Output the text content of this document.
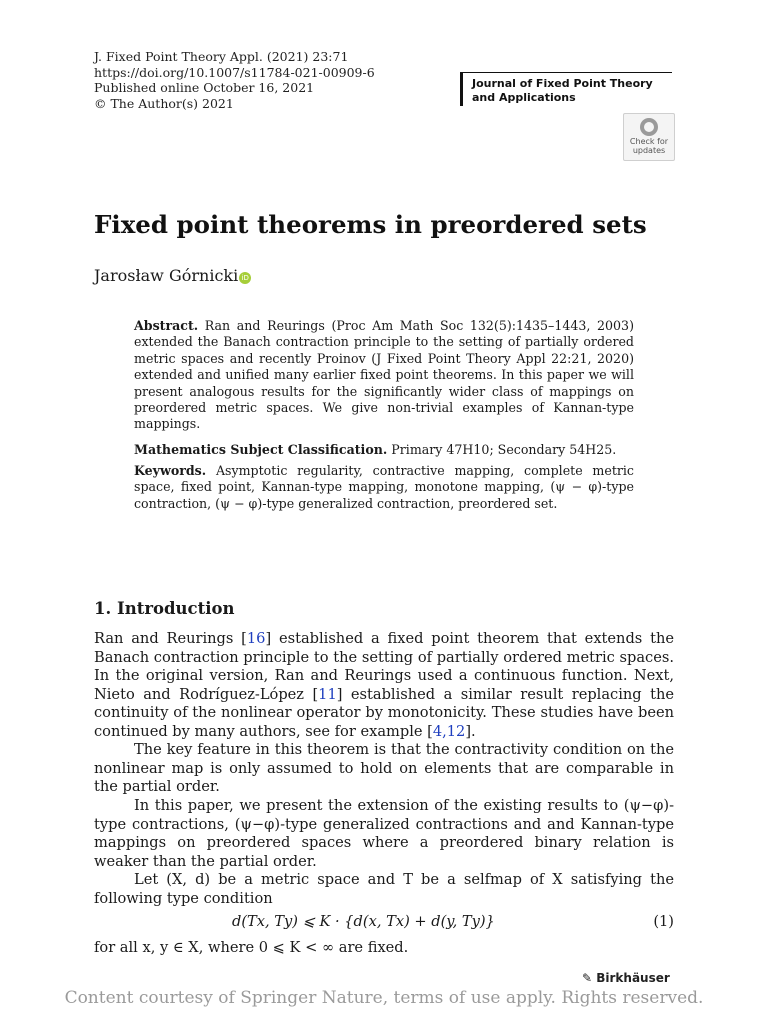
J. Fixed Point Theory Appl. (2021) 23:71
https://doi.org/10.1007/s11784-021-00909-6
Published online October 16, 2021
© The Author(s) 2021
Journal of Fixed Point Theory
and Applications
Check for
updates
Fixed point theorems in preordered sets
Jarosław Górnicki iD
Abstract. Ran and Reurings (Proc Am Math Soc 132(5):1435–1443, 2003) extended the Banach contraction principle to the setting of partially ordered metric spaces and recently Proinov (J Fixed Point Theory Appl 22:21, 2020) extended and unified many earlier fixed point theorems. In this paper we will present analogous results for the significantly wider class of mappings on preordered metric spaces. We give non-trivial examples of Kannan-type mappings.
Mathematics Subject Classification. Primary 47H10; Secondary 54H25.
Keywords. Asymptotic regularity, contractive mapping, complete metric space, fixed point, Kannan-type mapping, monotone mapping, (ψ − φ)-type contraction, (ψ − φ)-type generalized contraction, preordered set.
1. Introduction

Ran and Reurings [16] established a fixed point theorem that extends the Banach contraction principle to the setting of partially ordered metric spaces. In the original version, Ran and Reurings used a continuous function. Next, Nieto and Rodríguez-López [11] established a similar result replacing the continuity of the nonlinear operator by monotonicity. These studies have been continued by many authors, see for example [4,12].

The key feature in this theorem is that the contractivity condition on the nonlinear map is only assumed to hold on elements that are comparable in the partial order.

In this paper, we present the extension of the existing results to (ψ−φ)-type contractions, (ψ−φ)-type generalized contractions and and Kannan-type mappings on preordered spaces where a preordered binary relation is weaker than the partial order.

Let (X, d) be a metric space and T be a selfmap of X satisfying the following type condition

d(Tx, Ty) ⩽ K · {d(x, Tx) + d(y, Ty)}	(1)

for all x, y ∈ X, where 0 ⩽ K < ∞ are fixed.

✎ Birkhäuser
Content courtesy of Springer Nature, terms of use apply. Rights reserved.
